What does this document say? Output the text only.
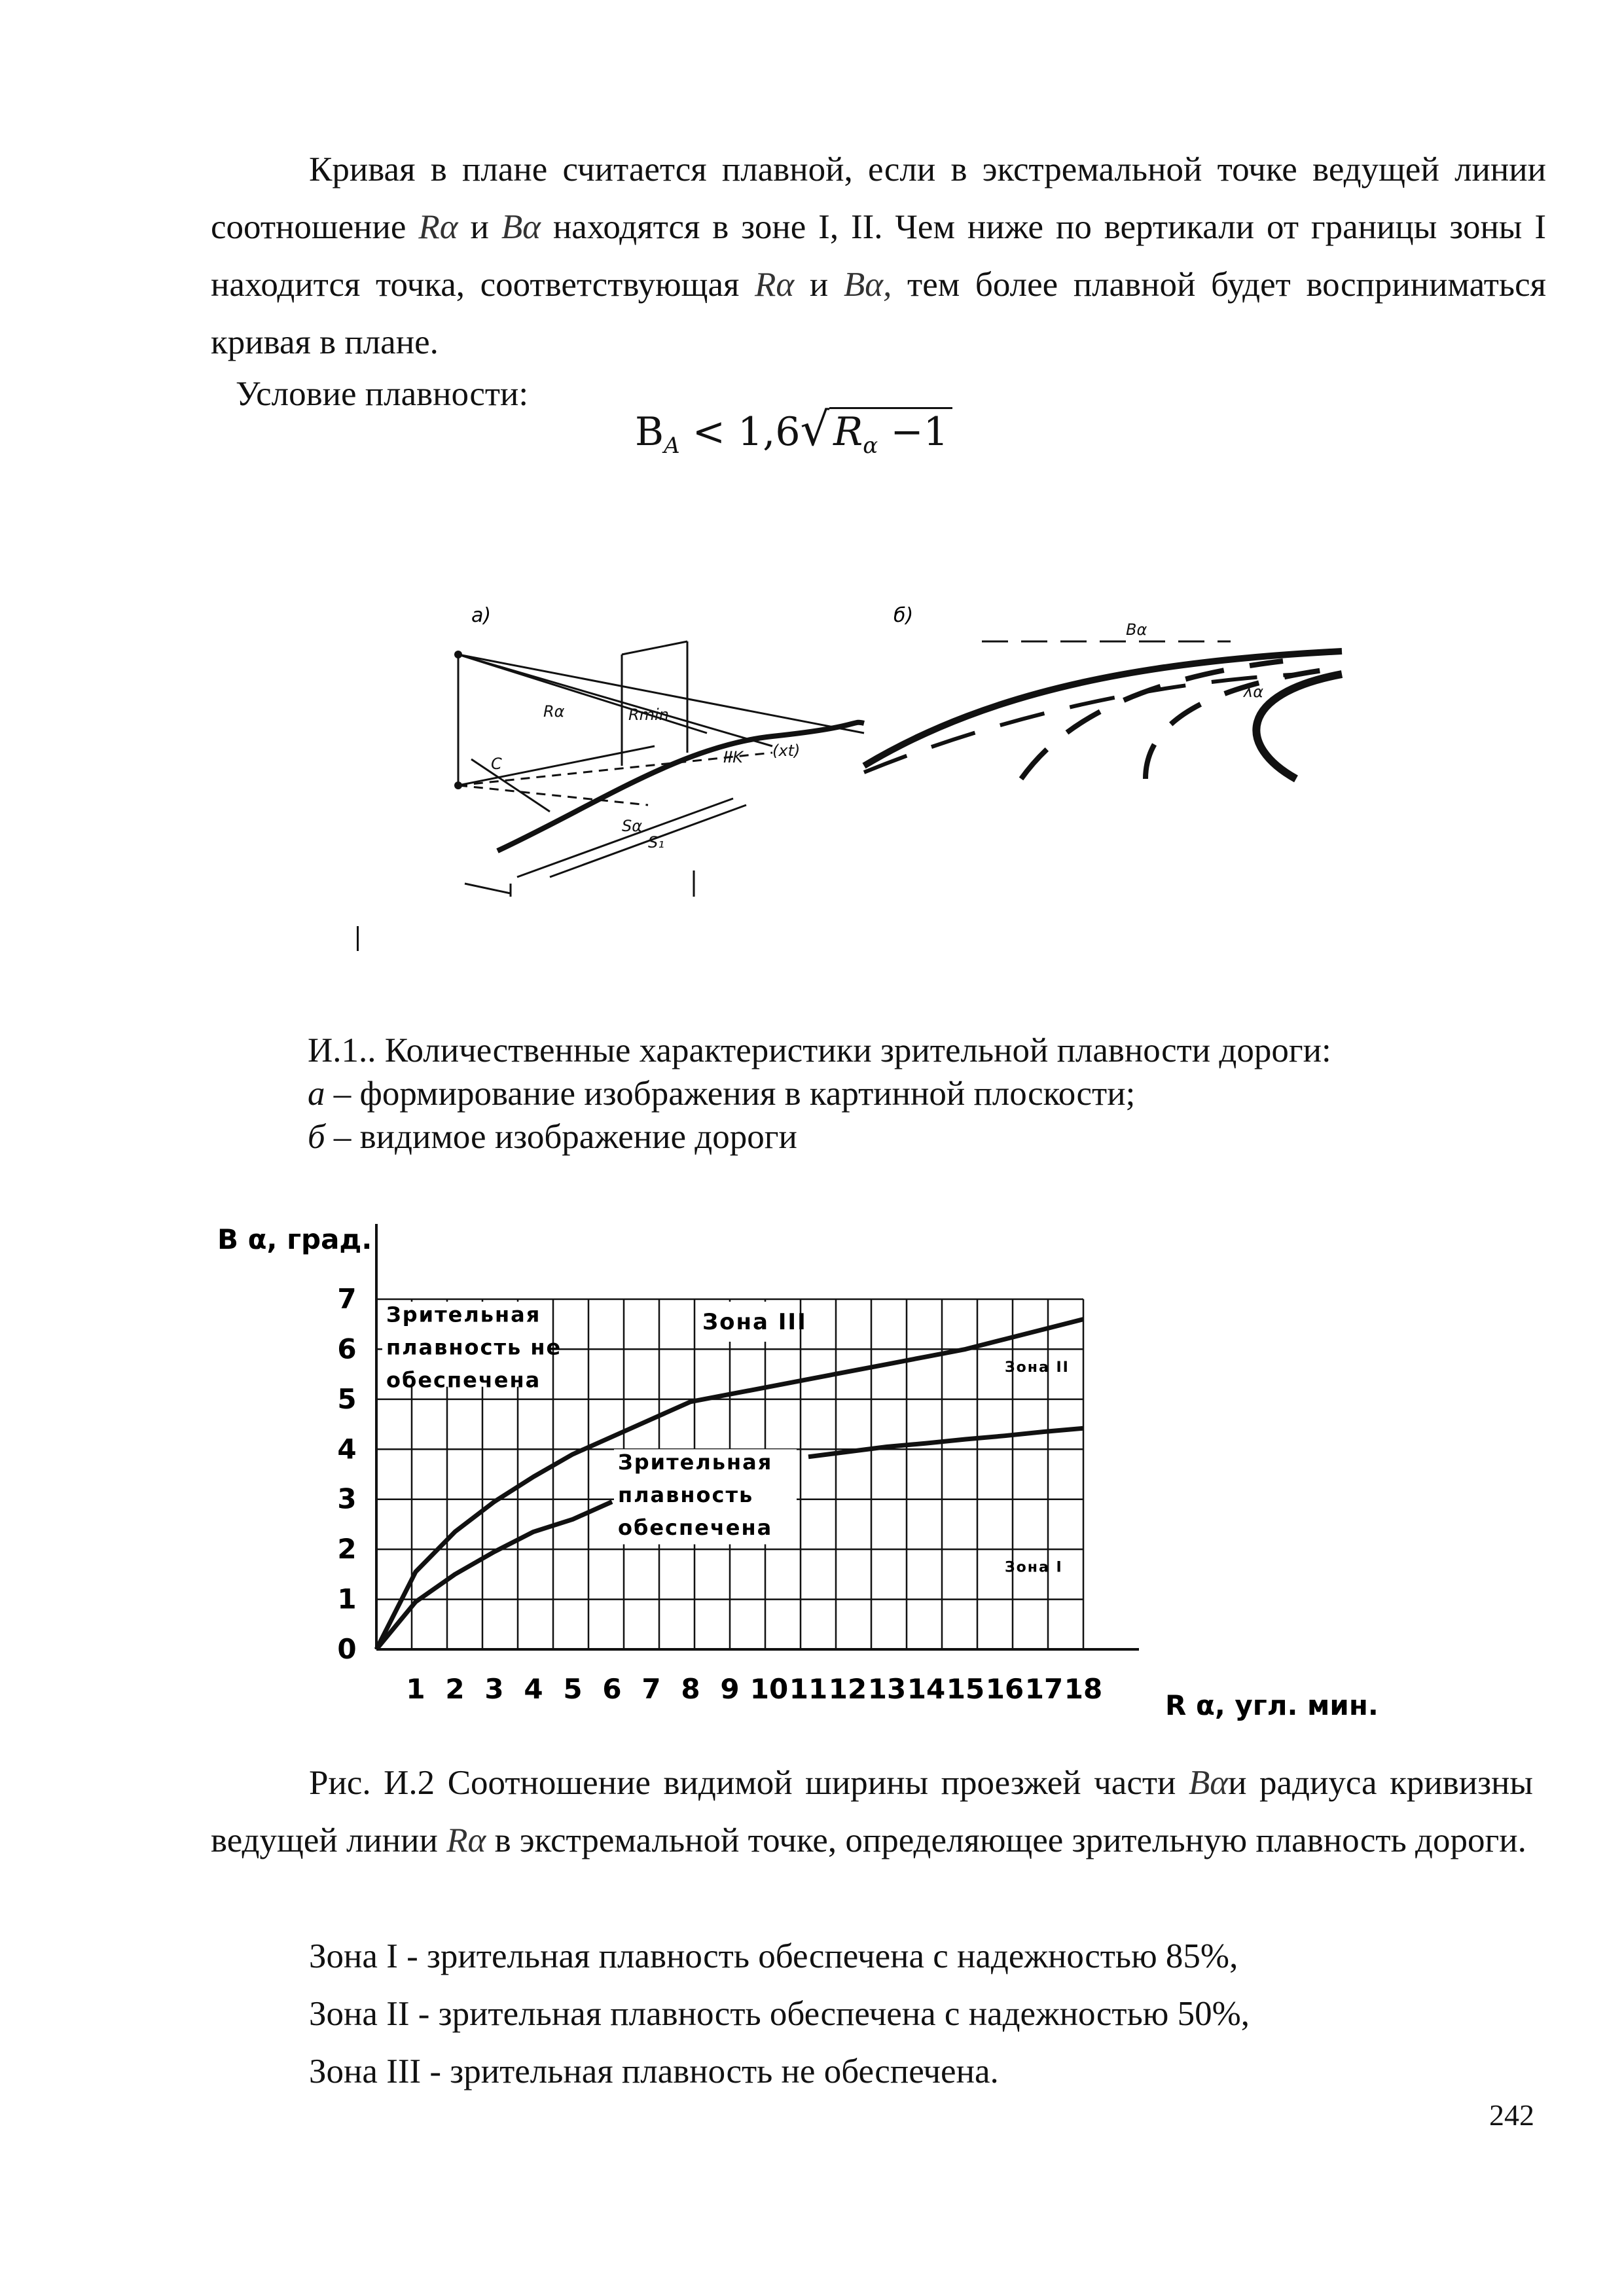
Кривая в плане считается плавной, если в экстремальной точке ведущей линии соотношение Rα и Bα находятся в зоне I, II. Чем ниже по вертикали от границы зоны I находится точка, соответствующая Rα и Bα, тем более плавной будет восприниматься кривая в плане.
Условие плавности:
$B_A < 1,6√$ $R_\alpha -1$
а)
Rα	Rmin
C
Sα
S₁
IIK (xt)
б)
Bα
λα
И.1.. Количественные характеристики зрительной плавности дороги:
а – формирование изображения в картинной плоскости;
б – видимое изображение дороги
В α, град.
R α, угл. мин.
1 2 3 4 5 6 7 8 9 10 11 12 13 14 15 16 17 18
0
1
2
3
4
5
6
7 Зрительная
плавность не
обеспечена
Зрительная
плавность
обеспечена
Зона III
Зона II
Зона I
Рис. И.2 Соотношение видимой ширины проезжей части Bαи радиуса кривизны ведущей линии Rα в экстремальной точке, определяющее зрительную плавность дороги.
Зона I - зрительная плавность обеспечена с надежностью 85%,
Зона II - зрительная плавность обеспечена с надежностью 50%,
Зона III - зрительная плавность не обеспечена.
242
